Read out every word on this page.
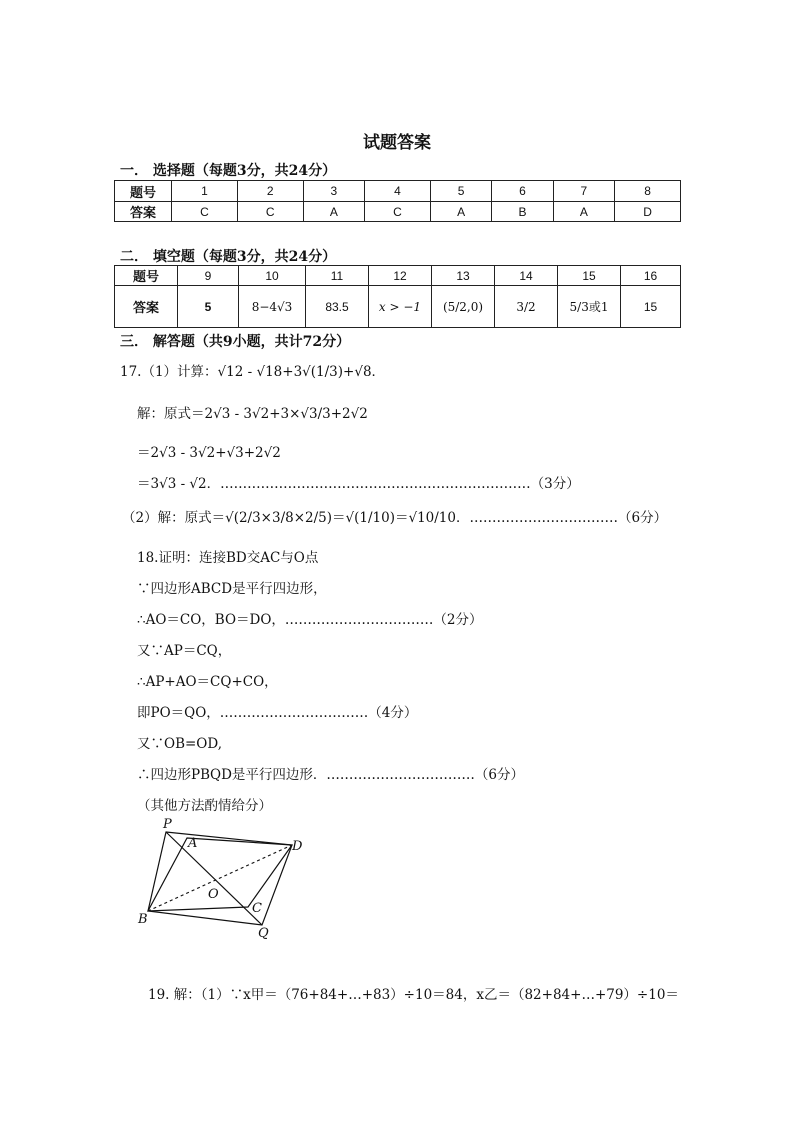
试题答案
一． 选择题（每题3分，共24分）
题号	1	2	3	4	5	6	7	8
答案	C	C	A	C	A	B	A	D
二． 填空题（每题3分，共24分）
题号	9	10	11	12	13	14	15	16
答案	5	8−4√3	83.5	x > −1	(5/2,0)	3/2	5/3或1	15
三． 解答题（共9小题，共计72分）
17.（1）计算：√12 - √18+3√(1/3)+√8．
解：原式＝2√3 - 3√2+3×√3/3+2√2
＝2√3 - 3√2+√3+2√2
＝3√3 - √2．……………………………………………………………（3分）
（2）解：原式＝√(2/3×3/8×2/5)＝√(1/10)＝√10/10．……………………………（6分）
18.证明：连接BD交AC与O点
∵四边形ABCD是平行四边形，
∴AO＝CO，BO＝DO，……………………………（2分）
又∵AP＝CQ，
∴AP+AO＝CQ+CO，
即PO＝QO，……………………………（4分）
又∵OB=OD,
∴四边形PBQD是平行四边形．……………………………（6分）
（其他方法酌情给分）
P
A	D
O
B
C
Q
19. 解：（1）∵x甲＝（76+84+…+83）÷10＝84，x乙＝（82+84+…+79）÷10＝
